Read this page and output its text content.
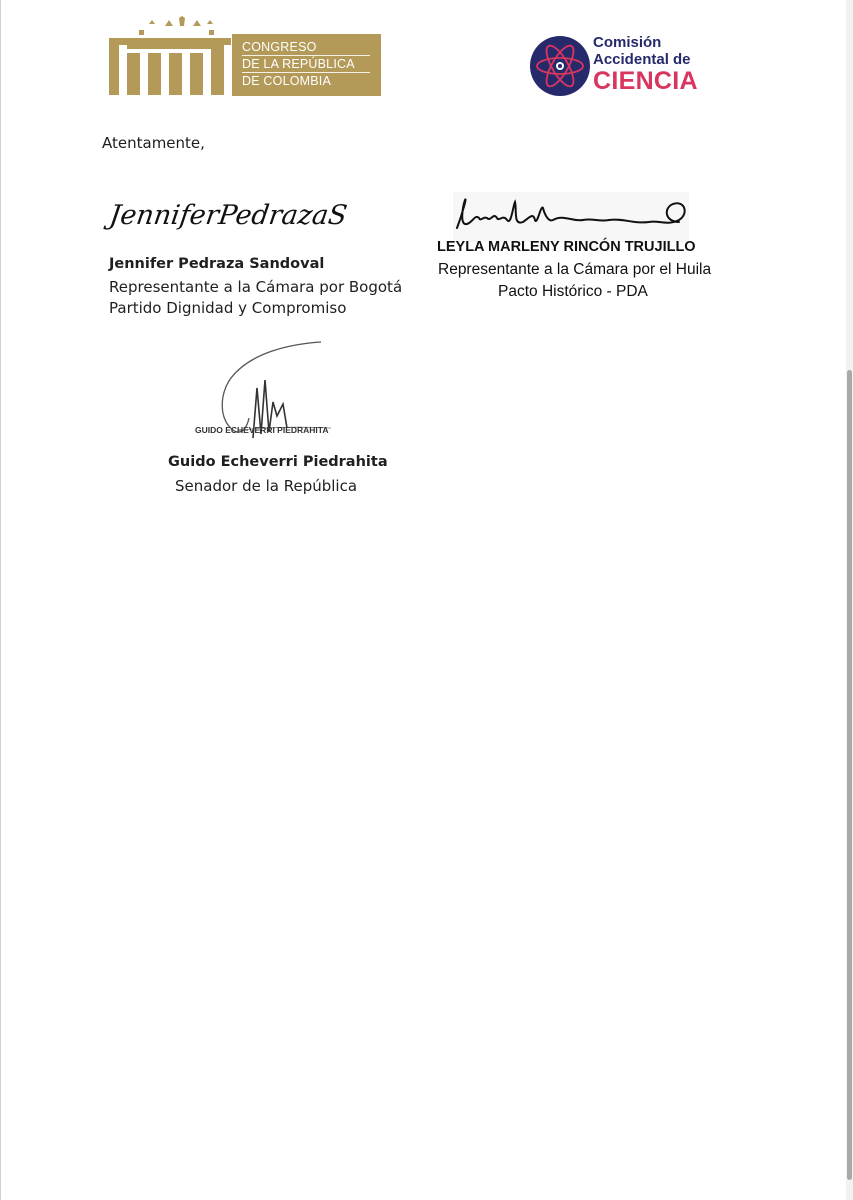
CONGRESO
DE LA REPÚBLICA
DE COLOMBIA
Comisión
Accidental de
CIENCIA
Atentamente,
JenniferPedrazaS
Jennifer Pedraza Sandoval
Representante a la Cámara por Bogotá
Partido Dignidad y Compromiso
LEYLA MARLENY RINCÓN TRUJILLO
Representante a la Cámara por el Huila
Pacto Histórico - PDA
GUIDO ECHEVERRI PIEDRAHITA
Guido Echeverri Piedrahita
Senador de la República
